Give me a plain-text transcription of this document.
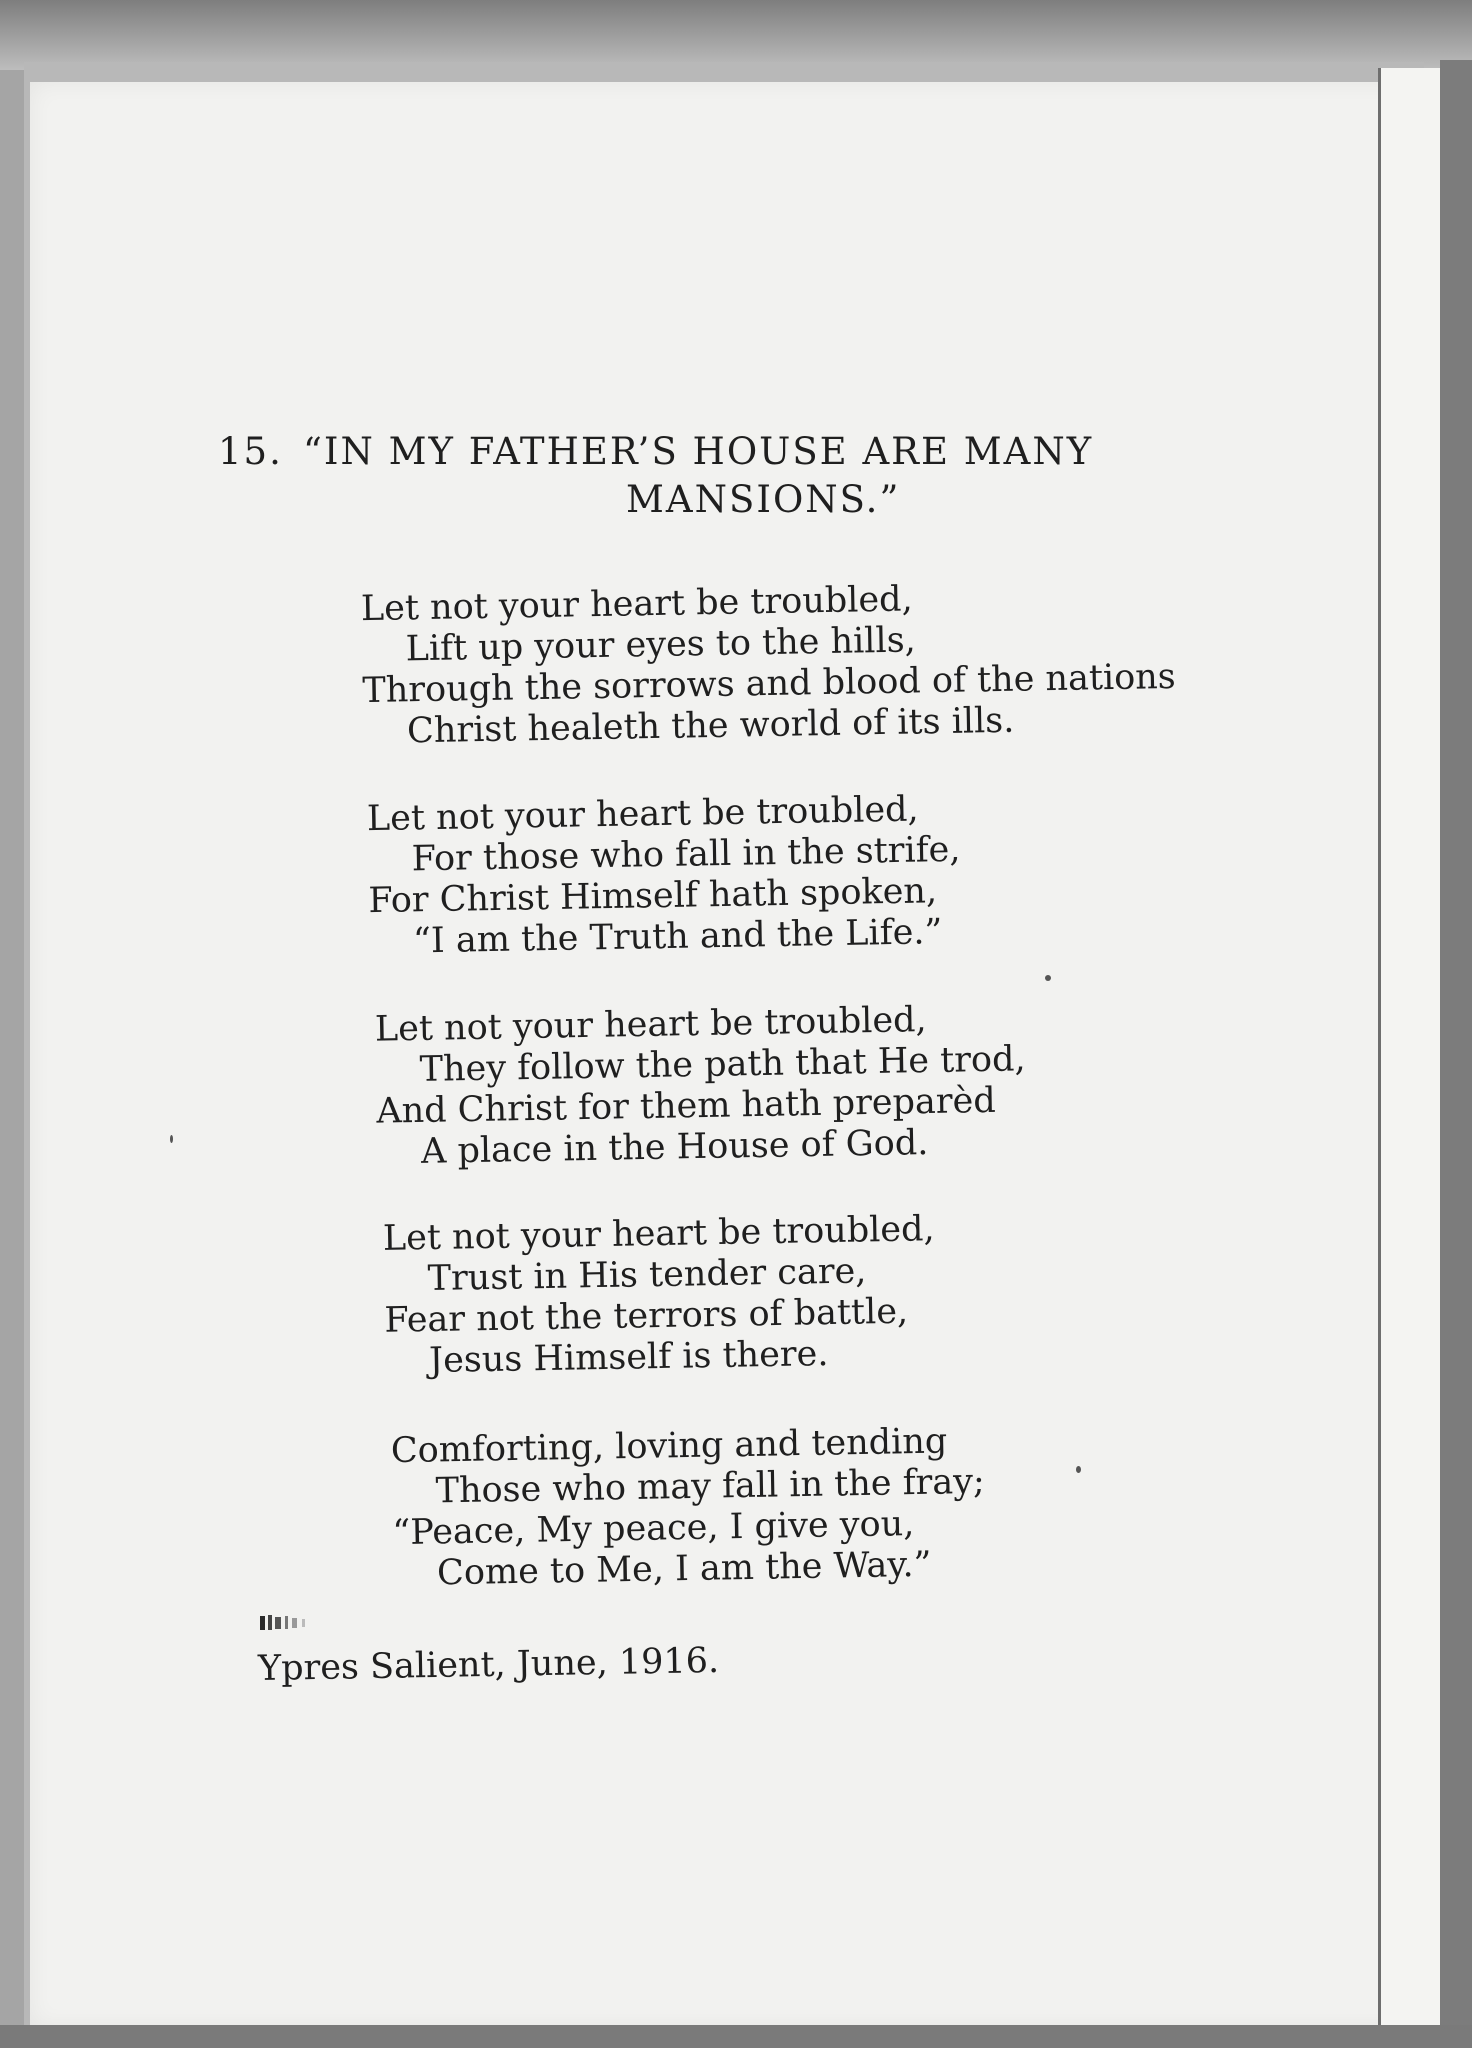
15. “IN MY FATHER’S HOUSE ARE MANY
MANSIONS.”
Let not your heart be troubled,
Lift up your eyes to the hills,
Through the sorrows and blood of the nations
Christ healeth the world of its ills.
Let not your heart be troubled,
For those who fall in the strife,
For Christ Himself hath spoken,
“I am the Truth and the Life.”
Let not your heart be troubled,
They follow the path that He trod,
And Christ for them hath preparèd
A place in the House of God.
Let not your heart be troubled,
Trust in His tender care,
Fear not the terrors of battle,
Jesus Himself is there.
Comforting, loving and tending
Those who may fall in the fray;
“Peace, My peace, I give you,
Come to Me, I am the Way.”
Ypres Salient, June, 1916.
